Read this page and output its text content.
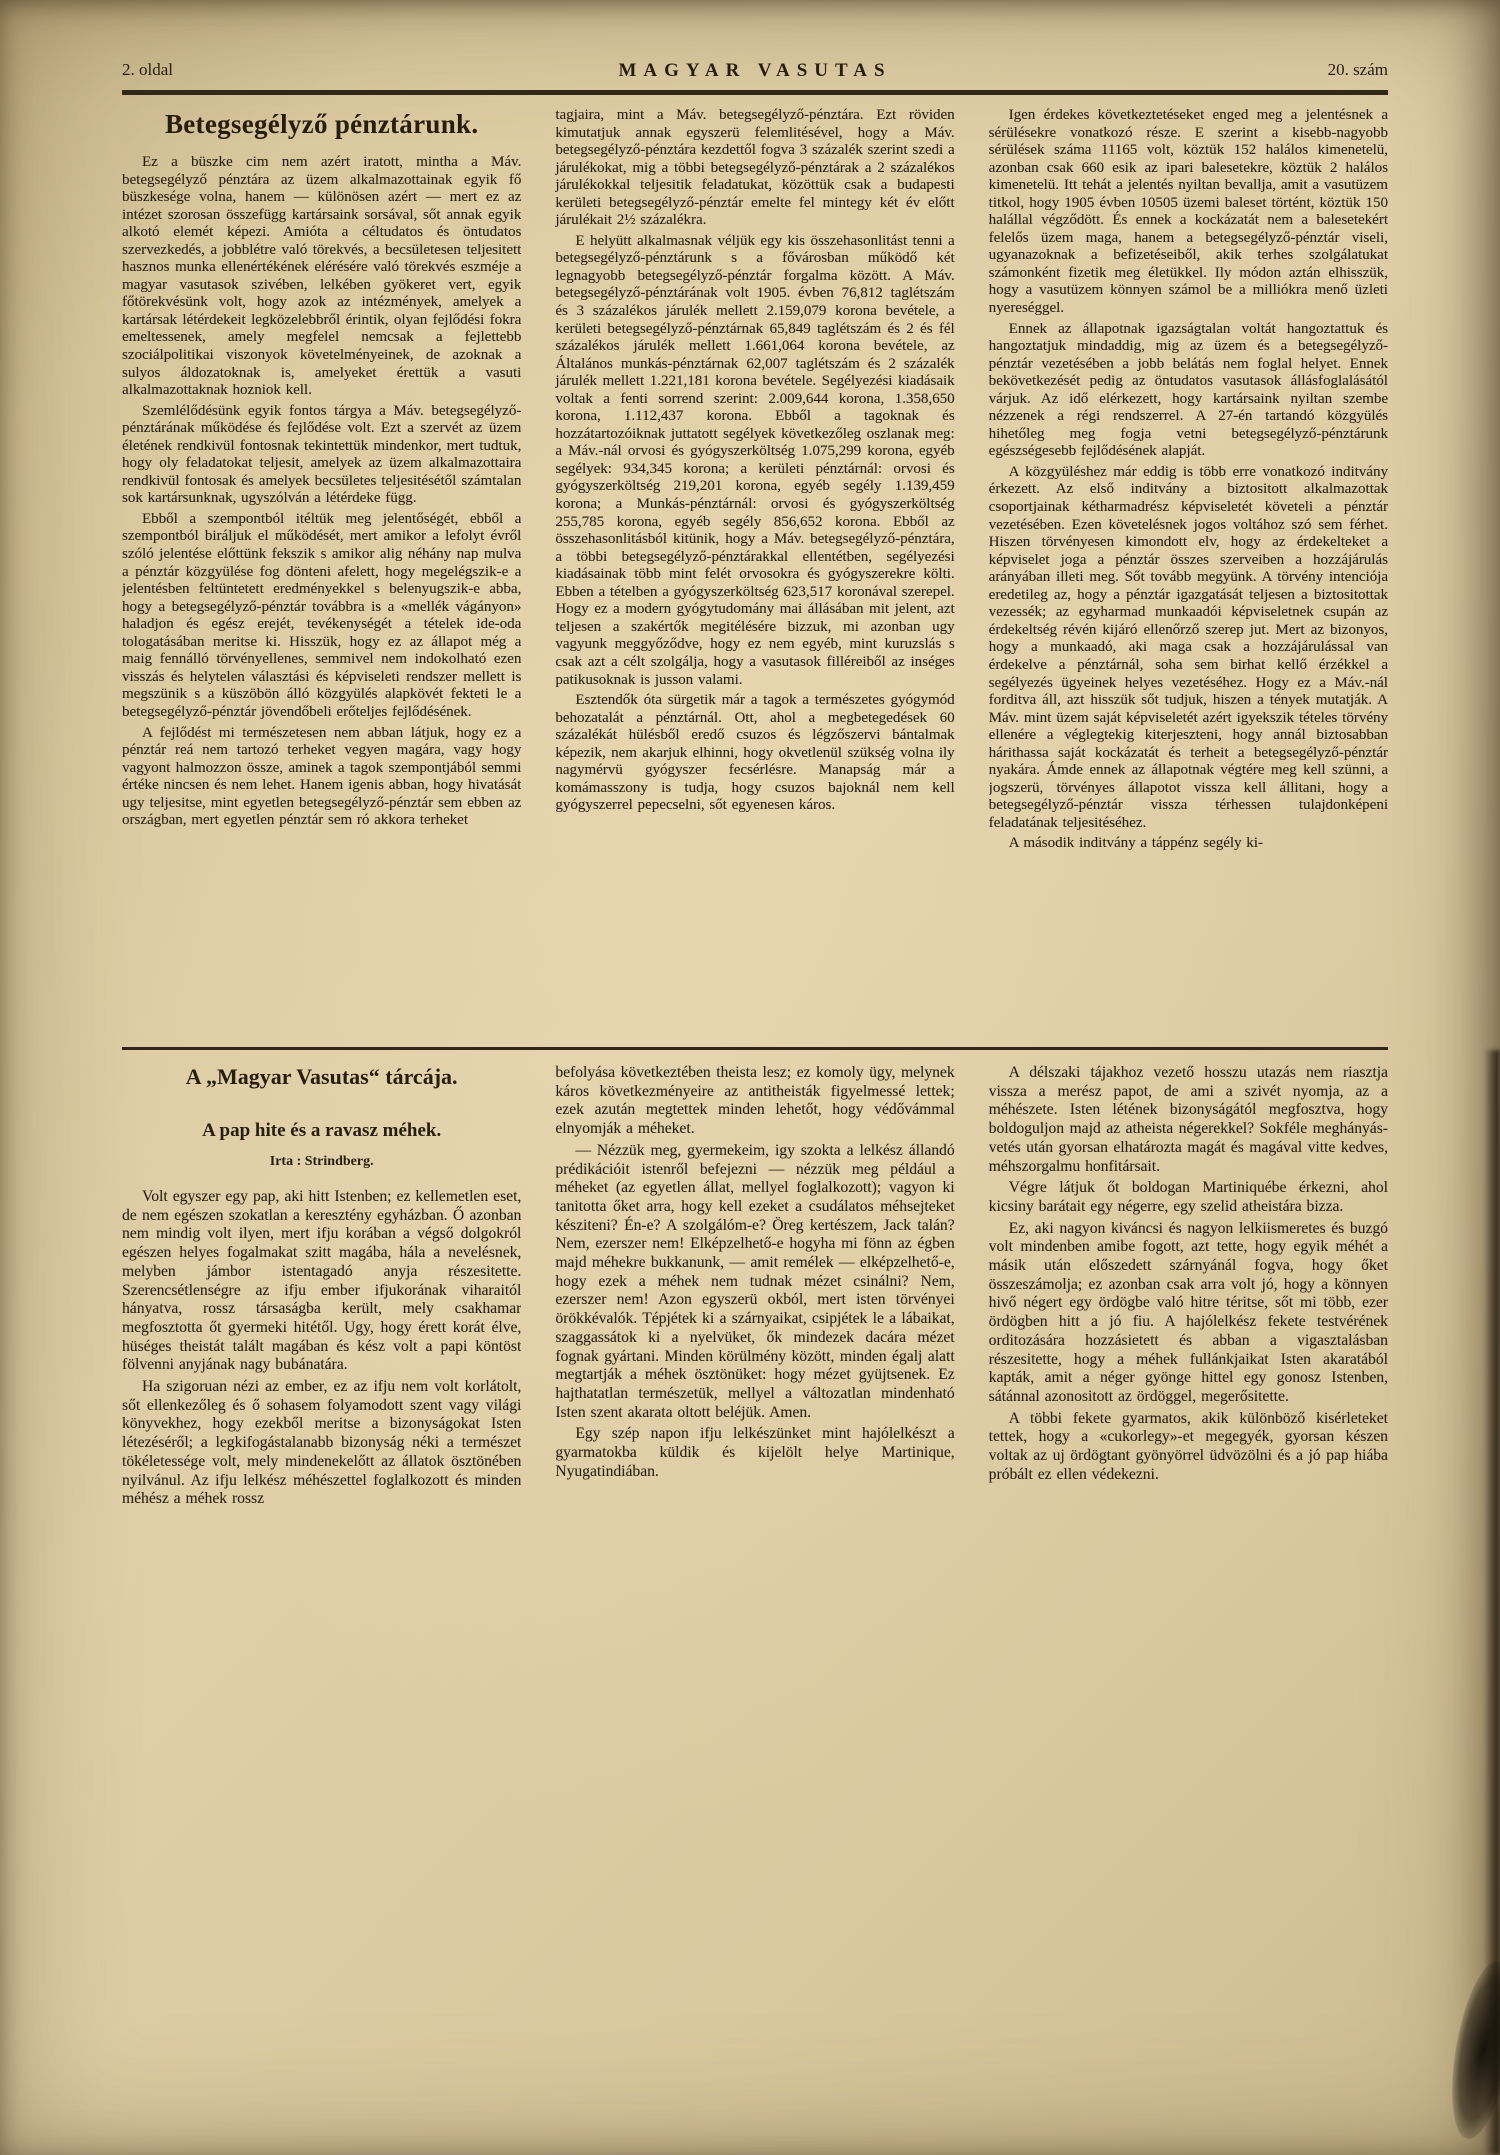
2. oldal	MAGYAR VASUTAS	20. szám
Betegsegélyző pénztárunk.

Ez a büszke cim nem azért iratott, mintha a Máv. betegsegélyző pénztára az üzem alkalmazottainak egyik fő büszkesége volna, hanem — különösen azért — mert ez az intézet szorosan összefügg kartársaink sorsával, sőt annak egyik alkotó elemét képezi. Amióta a céltudatos és öntudatos szervezkedés, a jobblétre való törekvés, a becsületesen teljesitett hasznos munka ellenértékének elérésére való törekvés eszméje a magyar vasutasok szivében, lelkében gyökeret vert, egyik főtörekvésünk volt, hogy azok az intézmények, amelyek a kartársak létérdekeit legközelebbről érintik, olyan fejlődési fokra emeltessenek, amely megfelel nemcsak a fejlettebb szociálpolitikai viszonyok követelményeinek, de azoknak a sulyos áldozatoknak is, amelyeket érettük a vasuti alkalmazottaknak hozniok kell.

Szemlélődésünk egyik fontos tárgya a Máv. betegsegélyző-pénztárának működése és fejlődése volt. Ezt a szervét az üzem életének rendkivül fontosnak tekintettük mindenkor, mert tudtuk, hogy oly feladatokat teljesit, amelyek az üzem alkalmazottaira rendkivül fontosak és amelyek becsületes teljesitésétől számtalan sok kartársunknak, ugyszólván a létérdeke függ.

Ebből a szempontból itéltük meg jelentőségét, ebből a szempontból biráljuk el működését, mert amikor a lefolyt évről szóló jelentése előttünk fekszik s amikor alig néhány nap mulva a pénztár közgyülése fog dönteni afelett, hogy megelégszik-e a jelentésben feltüntetett eredményekkel s belenyugszik-e abba, hogy a betegsegélyző-pénztár továbbra is a «mellék vágányon» haladjon és egész erejét, tevékenységét a tételek ide-oda tologatásában meritse ki. Hisszük, hogy ez az állapot még a maig fennálló törvényellenes, semmivel nem indokolható ezen visszás és helytelen választási és képviseleti rendszer mellett is megszünik s a küszöbön álló közgyülés alapkövét fekteti le a betegsegélyző-pénztár jövendőbeli erőteljes fejlődésének.

A fejlődést mi természetesen nem abban látjuk, hogy ez a pénztár reá nem tartozó terheket vegyen magára, vagy hogy vagyont halmozzon össze, aminek a tagok szempontjából semmi értéke nincsen és nem lehet. Hanem igenis abban, hogy hivatását ugy teljesitse, mint egyetlen betegsegélyző-pénztár sem ebben az országban, mert egyetlen pénztár sem ró akkora terheket

tagjaira, mint a Máv. betegsegélyző-pénztára. Ezt röviden kimutatjuk annak egyszerü felemlitésével, hogy a Máv. betegsegélyző-pénztára kezdettől fogva 3 százalék szerint szedi a járulékokat, mig a többi betegsegélyző-pénztárak a 2 százalékos járulékokkal teljesitik feladatukat, közöttük csak a budapesti kerületi betegsegélyző-pénztár emelte fel mintegy két év előtt járulékait 2½ százalékra.

E helyütt alkalmasnak véljük egy kis összehasonlitást tenni a betegsegélyző-pénztárunk s a fővárosban működő két legnagyobb betegsegélyző-pénztár forgalma között. A Máv. betegsegélyző-pénztárának volt 1905. évben 76,812 taglétszám és 3 százalékos járulék mellett 2.159,079 korona bevétele, a kerületi betegsegélyző-pénztárnak 65,849 taglétszám és 2 és fél százalékos járulék mellett 1.661,064 korona bevétele, az Általános munkás-pénztárnak 62,007 taglétszám és 2 százalék járulék mellett 1.221,181 korona bevétele. Segélyezési kiadásaik voltak a fenti sorrend szerint: 2.009,644 korona, 1.358,650 korona, 1.112,437 korona. Ebből a tagoknak és hozzátartozóiknak juttatott segélyek következőleg oszlanak meg: a Máv.-nál orvosi és gyógyszerköltség 1.075,299 korona, egyéb segélyek: 934,345 korona; a kerületi pénztárnál: orvosi és gyógyszerköltség 219,201 korona, egyéb segély 1.139,459 korona; a Munkás-pénztárnál: orvosi és gyógyszerköltség 255,785 korona, egyéb segély 856,652 korona. Ebből az összehasonlitásból kitünik, hogy a Máv. betegsegélyző-pénztára, a többi betegsegélyző-pénztárakkal ellentétben, segélyezési kiadásainak több mint felét orvosokra és gyógyszerekre költi. Ebben a tételben a gyógyszerköltség 623,517 koronával szerepel. Hogy ez a modern gyógytudomány mai állásában mit jelent, azt teljesen a szakértők megitélésére bizzuk, mi azonban ugy vagyunk meggyőződve, hogy ez nem egyéb, mint kuruzslás s csak azt a célt szolgálja, hogy a vasutasok filléreiből az inséges patikusoknak is jusson valami.

Esztendők óta sürgetik már a tagok a természetes gyógymód behozatalát a pénztárnál. Ott, ahol a megbetegedések 60 százalékát hülésből eredő csuzos és légzőszervi bántalmak képezik, nem akarjuk elhinni, hogy okvetlenül szükség volna ily nagymérvü gyógyszer fecsérlésre. Manapság már a komámasszony is tudja, hogy csuzos bajoknál nem kell gyógyszerrel pepecselni, sőt egyenesen káros.

Igen érdekes következtetéseket enged meg a jelentésnek a sérülésekre vonatkozó része. E szerint a kisebb-nagyobb sérülések száma 11165 volt, köztük 152 halálos kimenetelü, azonban csak 660 esik az ipari balesetekre, köztük 2 halálos kimenetelü. Itt tehát a jelentés nyiltan bevallja, amit a vasutüzem titkol, hogy 1905 évben 10505 üzemi baleset történt, köztük 150 halállal végződött. És ennek a kockázatát nem a balesetekért felelős üzem maga, hanem a betegsegélyző-pénztár viseli, ugyanazoknak a befizetéseiből, akik terhes szolgálatukat számonként fizetik meg életükkel. Ily módon aztán elhisszük, hogy a vasutüzem könnyen számol be a milliókra menő üzleti nyereséggel.

Ennek az állapotnak igazságtalan voltát hangoztattuk és hangoztatjuk mindaddig, mig az üzem és a betegsegélyző-pénztár vezetésében a jobb belátás nem foglal helyet. Ennek bekövetkezését pedig az öntudatos vasutasok állásfoglalásától várjuk. Az idő elérkezett, hogy kartársaink nyiltan szembe nézzenek a régi rendszerrel. A 27-én tartandó közgyülés hihetőleg meg fogja vetni betegsegélyző-pénztárunk egészségesebb fejlődésének alapját.

A közgyüléshez már eddig is több erre vonatkozó inditvány érkezett. Az első inditvány a biztositott alkalmazottak csoportjainak kétharmadrész képviseletét követeli a pénztár vezetésében. Ezen követelésnek jogos voltához szó sem férhet. Hiszen törvényesen kimondott elv, hogy az érdekelteket a képviselet joga a pénztár összes szerveiben a hozzájárulás arányában illeti meg. Sőt tovább megyünk. A törvény intenciója eredetileg az, hogy a pénztár igazgatását teljesen a biztositottak vezessék; az egyharmad munkaadói képviseletnek csupán az érdekeltség révén kijáró ellenőrző szerep jut. Mert az bizonyos, hogy a munkaadó, aki maga csak a hozzájárulással van érdekelve a pénztárnál, soha sem birhat kellő érzékkel a segélyezés ügyeinek helyes vezetéséhez. Hogy ez a Máv.-nál forditva áll, azt hisszük sőt tudjuk, hiszen a tények mutatják. A Máv. mint üzem saját képviseletét azért igyekszik tételes törvény ellenére a véglegtekig kiterjeszteni, hogy annál biztosabban hárithassa saját kockázatát és terheit a betegsegélyző-pénztár nyakára. Ámde ennek az állapotnak végtére meg kell szünni, a jogszerü, törvényes állapotot vissza kell állitani, hogy a betegsegélyző-pénztár vissza térhessen tulajdonképeni feladatának teljesitéséhez.

A második inditvány a táppénz segély ki-

A „Magyar Vasutas“ tárcája.
A pap hite és a ravasz méhek.
Irta : Strindberg.

Volt egyszer egy pap, aki hitt Istenben; ez kellemetlen eset, de nem egészen szokatlan a keresztény egyházban. Ő azonban nem mindig volt ilyen, mert ifju korában a végső dolgokról egészen helyes fogalmakat szitt magába, hála a nevelésnek, melyben jámbor istentagadó anyja részesitette. Szerencsétlenségre az ifju ember ifjukorának viharaitól hányatva, rossz társaságba került, mely csakhamar megfosztotta őt gyermeki hitétől. Ugy, hogy érett korát élve, hüséges theistát talált magában és kész volt a papi köntöst fölvenni anyjának nagy bubánatára.

Ha szigoruan nézi az ember, ez az ifju nem volt korlátolt, sőt ellenkezőleg és ő sohasem folyamodott szent vagy világi könyvekhez, hogy ezekből meritse a bizonyságokat Isten létezéséről; a legkifogástalanabb bizonyság néki a természet tökéletessége volt, mely mindenekelőtt az állatok ösztönében nyilvánul. Az ifju lelkész méhészettel foglalkozott és minden méhész a méhek rossz

befolyása következtében theista lesz; ez komoly ügy, melynek káros következményeire az antitheisták figyelmessé lettek; ezek azután megtettek minden lehetőt, hogy védővámmal elnyomják a méheket.

— Nézzük meg, gyermekeim, igy szokta a lelkész állandó prédikációit istenről befejezni — nézzük meg például a méheket (az egyetlen állat, mellyel foglalkozott); vagyon ki tanitotta őket arra, hogy kell ezeket a csudálatos méhsejteket késziteni? Én-e? A szolgálóm-e? Öreg kertészem, Jack talán? Nem, ezerszer nem! Elképzelhető-e hogyha mi fönn az égben majd méhekre bukkanunk, — amit remélek — elképzelhető-e, hogy ezek a méhek nem tudnak mézet csinálni? Nem, ezerszer nem! Azon egyszerü okból, mert isten törvényei örökkévalók. Tépjétek ki a szárnyaikat, csipjétek le a lábaikat, szaggassátok ki a nyelvüket, ők mindezek dacára mézet fognak gyártani. Minden körülmény között, minden égalj alatt megtartják a méhek ösztönüket: hogy mézet gyüjtsenek. Ez hajthatatlan természetük, mellyel a változatlan mindenható Isten szent akarata oltott beléjük. Amen.

Egy szép napon ifju lelkészünket mint hajólelkészt a gyarmatokba küldik és kijelölt helye Martinique, Nyugatindiában.

A délszaki tájakhoz vezető hosszu utazás nem riasztja vissza a merész papot, de ami a szivét nyomja, az a méhészete. Isten létének bizonyságától megfosztva, hogy boldoguljon majd az atheista négerekkel? Sokféle meghányás-vetés után gyorsan elhatározta magát és magával vitte kedves, méhszorgalmu honfitársait.

Végre látjuk őt boldogan Martiniquébe érkezni, ahol kicsiny barátait egy négerre, egy szelid atheistára bizza.

Ez, aki nagyon kiváncsi és nagyon lelkiismeretes és buzgó volt mindenben amibe fogott, azt tette, hogy egyik méhét a másik után előszedett szárnyánál fogva, hogy őket összeszámolja; ez azonban csak arra volt jó, hogy a könnyen hivő négert egy ördögbe való hitre téritse, sőt mi több, ezer ördögben hitt a jó fiu. A hajólelkész fekete testvérének orditozására hozzásietett és abban a vigasztalásban részesitette, hogy a méhek fullánkjaikat Isten akaratából kapták, amit a néger gyönge hittel egy gonosz Istenben, sátánnal azonositott az ördöggel, megerősitette.

A többi fekete gyarmatos, akik különböző kisérleteket tettek, hogy a «cukorlegy»-et megegyék, gyorsan készen voltak az uj ördögtant gyönyörrel üdvözölni és a jó pap hiába próbált ez ellen védekezni.
